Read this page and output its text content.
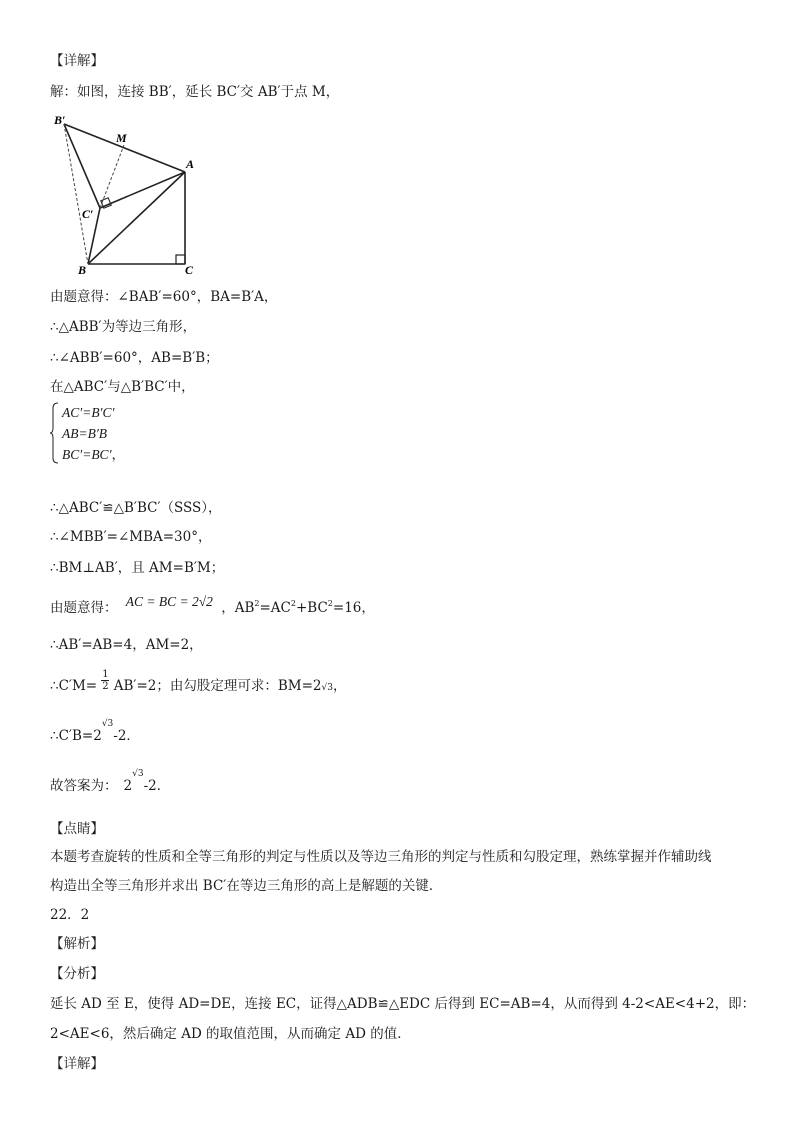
【详解】
解：如图，连接 BB′，延长 BC′交 AB′于点 M，
B′
M
A
C′
B	C
由题意得：∠BAB′=60°，BA=B′A，
∴△ABB′为等边三角形，
∴∠ABB′=60°，AB=B′B；
在△ABC′与△B′BC′中，
AC′=B′C′
AB=B′B
BC′=BC′，
∴△ABC′≌△B′BC′（SSS），
∴∠MBB′=∠MBA=30°，
∴BM⊥AB′，且 AM=B′M；
由题意得： AC = BC = 2√2 ，$AB^2=AC^2+BC^2=16$，
∴AB′=AB=4，AM=2，
∴C′M= $\frac{1}{2} AB'=2$；由勾股定理可求：BM=2√3，
$\therefore C'B=2^{√3}-2$．
故答案为： $2^{√3}-2$．
【点睛】
本题考查旋转的性质和全等三角形的判定与性质以及等边三角形的判定与性质和勾股定理，熟练掌握并作辅助线
构造出全等三角形并求出 BC′在等边三角形的高上是解题的关键．
22．2
【解析】
【分析】
延长 AD 至 E，使得 AD=DE，连接 EC，证得△ADB≌△EDC 后得到 EC=AB=4，从而得到 4-2<AE<4+2，即：
2<AE<6，然后确定 AD 的取值范围，从而确定 AD 的值．
【详解】
